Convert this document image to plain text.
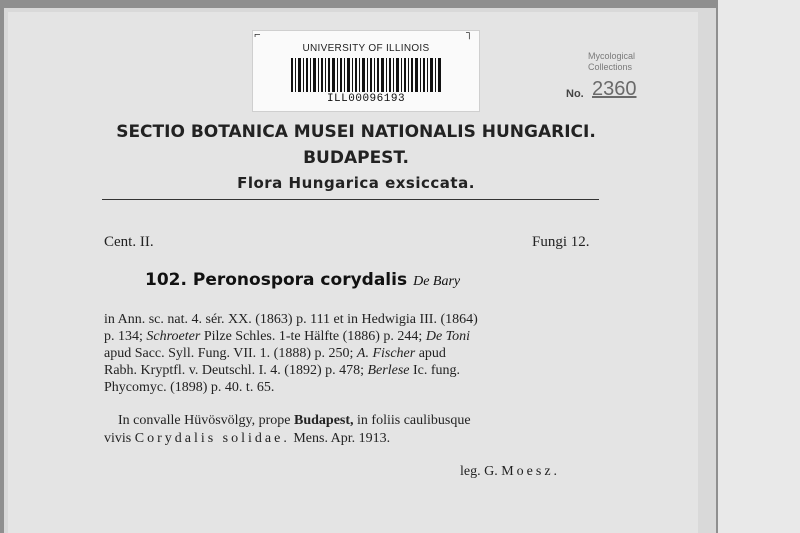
UNIVERSITY OF ILLINOIS
ILL00096193
⌐	┐
Mycological
Collections
No. 2360
SECTIO BOTANICA MUSEI NATIONALIS HUNGARICI.
BUDAPEST.
Flora Hungarica exsiccata.
Cent. II.	Fungi 12.
102. Peronospora corydalis De Bary
in Ann. sc. nat. 4. sér. XX. (1863) p. 111 et in Hedwigia III. (1864)
p. 134; Schroeter Pilze Schles. 1-te Hälfte (1886) p. 244; De Toni
apud Sacc. Syll. Fung. VII. 1. (1888) p. 250; A. Fischer apud
Rabh. Kryptfl. v. Deutschl. I. 4. (1892) p. 478; Berlese Ic. fung.
Phycomyc. (1898) p. 40. t. 65.
In convalle Hüvösvölgy, prope Budapest, in foliis caulibusque
vivis Corydalis solidae. Mens. Apr. 1913.
leg. G. Moesz.
